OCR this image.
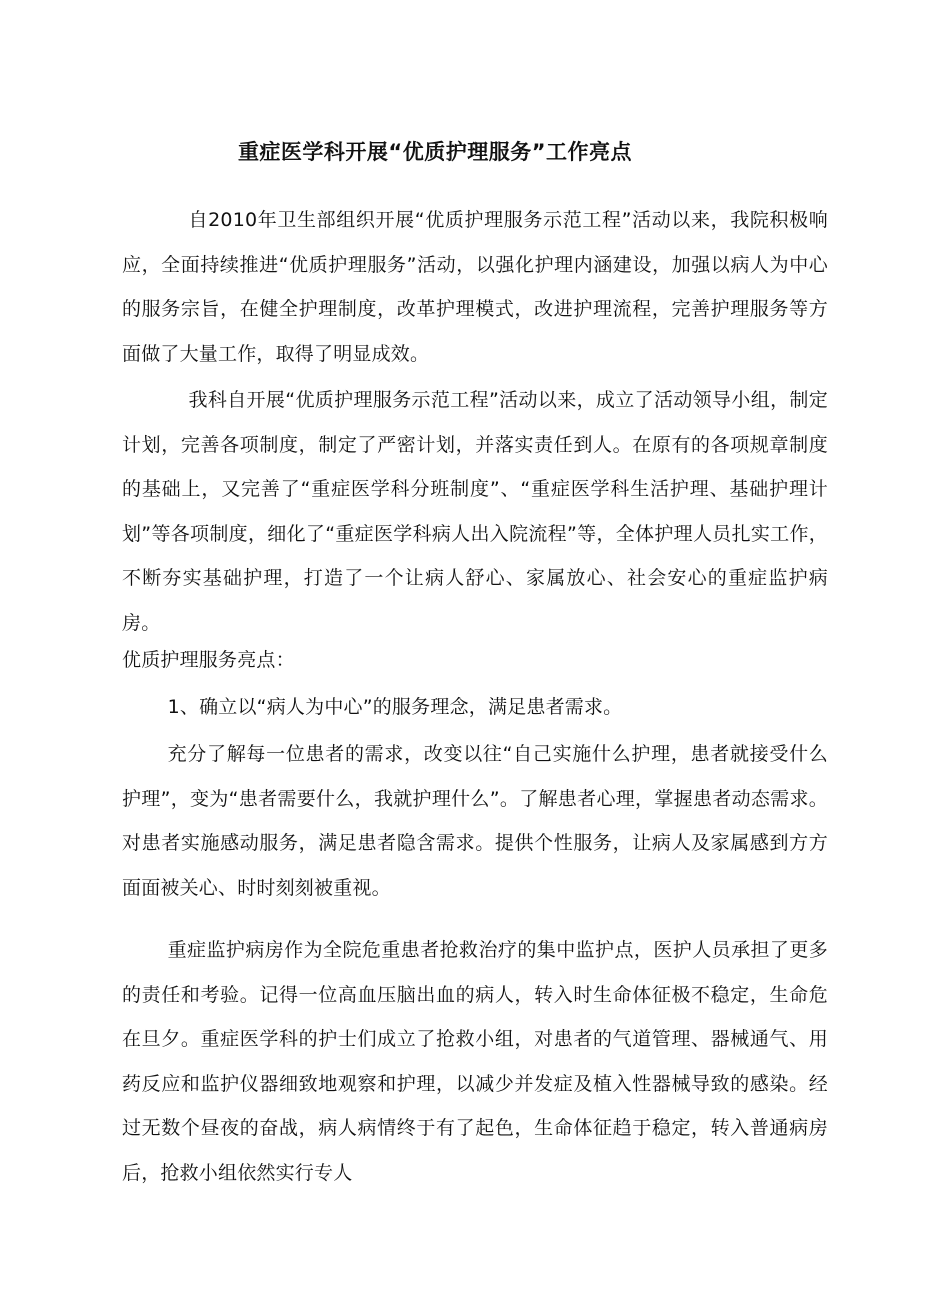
重症医学科开展“优质护理服务”工作亮点

自2010年卫生部组织开展“优质护理服务示范工程”活动以来，我院积极响应，全面持续推进“优质护理服务”活动，以强化护理内涵建设，加强以病人为中心的服务宗旨，在健全护理制度，改革护理模式，改进护理流程，完善护理服务等方面做了大量工作，取得了明显成效。

我科自开展“优质护理服务示范工程”活动以来，成立了活动领导小组，制定计划，完善各项制度，制定了严密计划，并落实责任到人。在原有的各项规章制度的基础上，又完善了“重症医学科分班制度”、“重症医学科生活护理、基础护理计划”等各项制度，细化了“重症医学科病人出入院流程”等，全体护理人员扎实工作，不断夯实基础护理，打造了一个让病人舒心、家属放心、社会安心的重症监护病房。

优质护理服务亮点：

1、确立以“病人为中心”的服务理念，满足患者需求。

充分了解每一位患者的需求，改变以往“自己实施什么护理，患者就接受什么护理”，变为“患者需要什么，我就护理什么”。了解患者心理，掌握患者动态需求。对患者实施感动服务，满足患者隐含需求。提供个性服务，让病人及家属感到方方面面被关心、时时刻刻被重视。

重症监护病房作为全院危重患者抢救治疗的集中监护点，医护人员承担了更多的责任和考验。记得一位高血压脑出血的病人，转入时生命体征极不稳定，生命危在旦夕。重症医学科的护士们成立了抢救小组，对患者的气道管理、器械通气、用药反应和监护仪器细致地观察和护理，以减少并发症及植入性器械导致的感染。经过无数个昼夜的奋战，病人病情终于有了起色，生命体征趋于稳定，转入普通病房后，抢救小组依然实行专人
